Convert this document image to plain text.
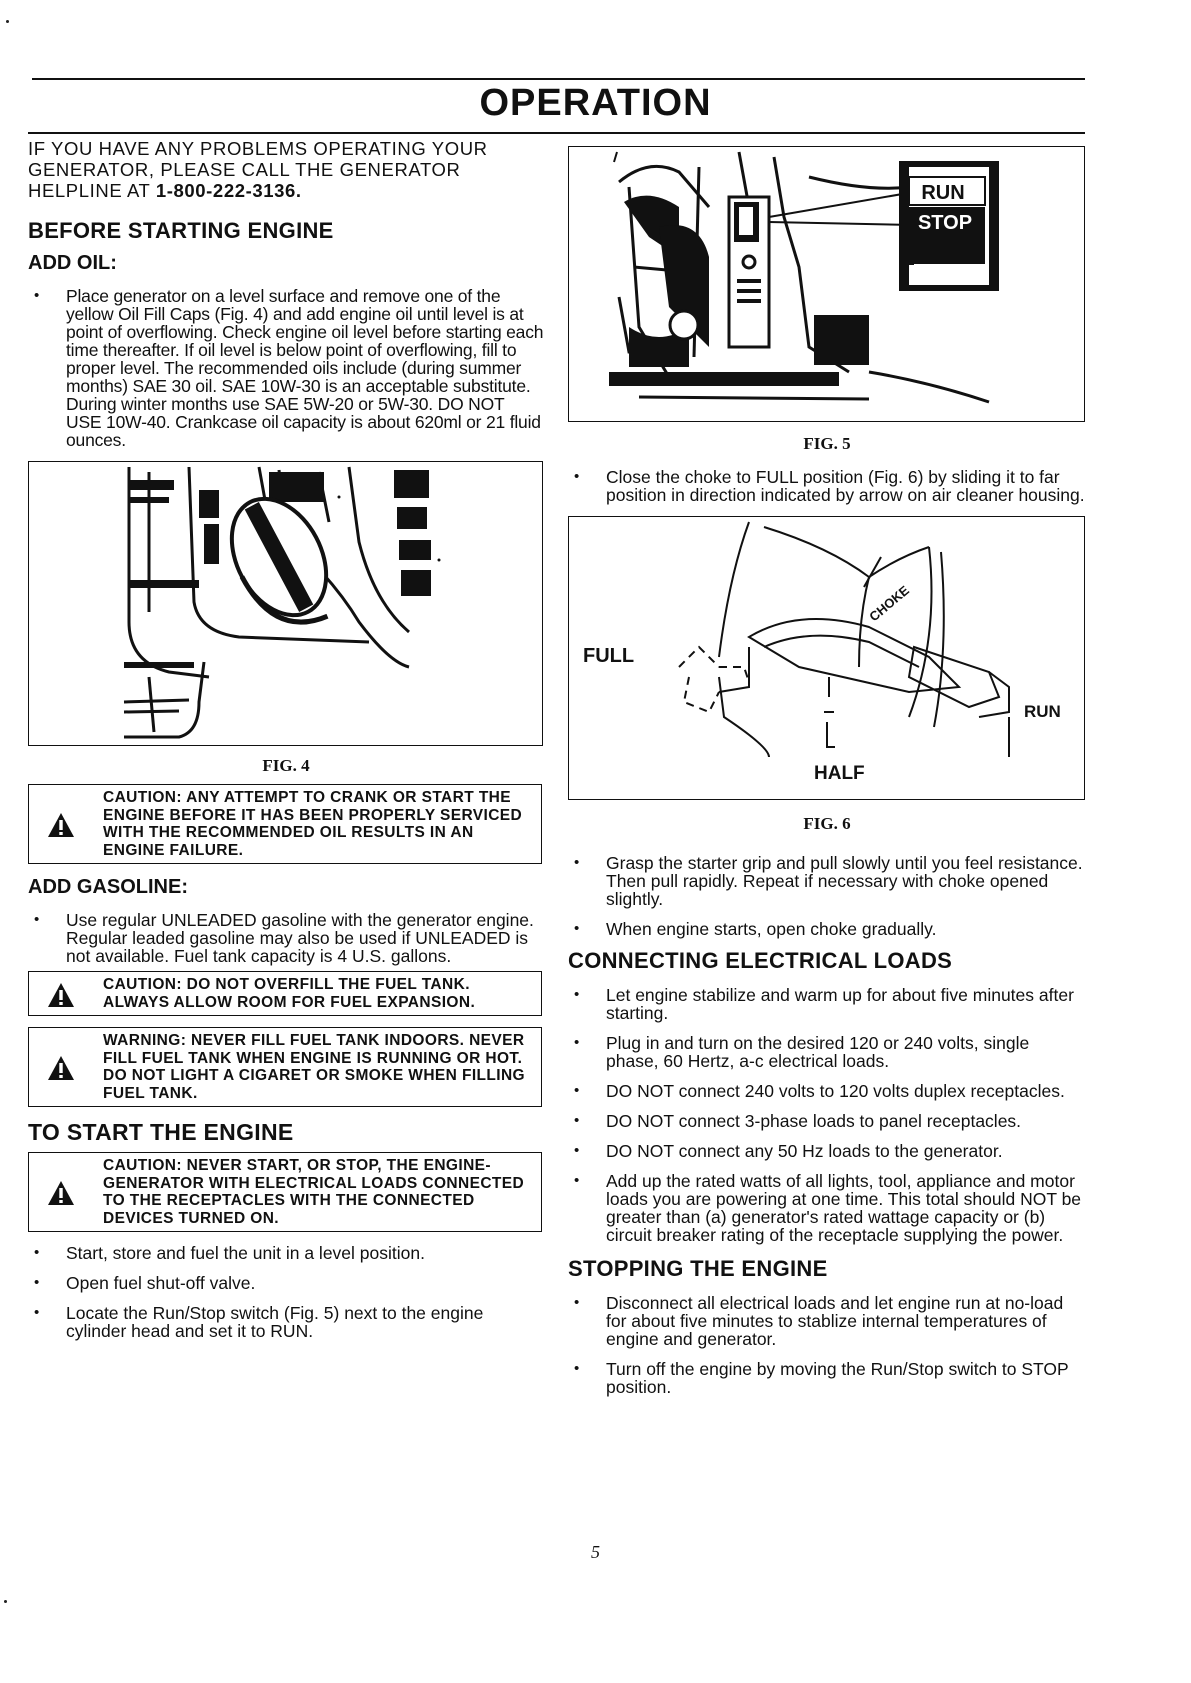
OPERATION

IF YOU HAVE ANY PROBLEMS OPERATING YOUR GENERATOR, PLEASE CALL THE GENERATOR HELPLINE AT 1-800-222-3136.

BEFORE STARTING ENGINE
ADD OIL:
• Place generator on a level surface and remove one of the yellow Oil Fill Caps (Fig. 4) and add engine oil until level is at point of overflowing. Check engine oil level before starting each time thereafter. If oil level is below point of overflowing, fill to proper level. The recommended oils include (during summer months) SAE 30 oil. SAE 10W-30 is an acceptable substitute. During winter months use SAE 5W-20 or 5W-30. DO NOT USE 10W-40. Crankcase oil capacity is about 620ml or 21 fluid ounces.
FIG. 4
CAUTION: ANY ATTEMPT TO CRANK OR START THE ENGINE BEFORE IT HAS BEEN PROPERLY SERVICED WITH THE RECOMMENDED OIL RESULTS IN AN ENGINE FAILURE.
ADD GASOLINE:
• Use regular UNLEADED gasoline with the generator engine. Regular leaded gasoline may also be used if UNLEADED is not available. Fuel tank capacity is 4 U.S. gallons.
CAUTION: DO NOT OVERFILL THE FUEL TANK. ALWAYS ALLOW ROOM FOR FUEL EXPANSION.
WARNING: NEVER FILL FUEL TANK INDOORS. NEVER FILL FUEL TANK WHEN ENGINE IS RUNNING OR HOT. DO NOT LIGHT A CIGARET OR SMOKE WHEN FILLING FUEL TANK.
TO START THE ENGINE
CAUTION: NEVER START, OR STOP, THE ENGINE-GENERATOR WITH ELECTRICAL LOADS CONNECTED TO THE RECEPTACLES WITH THE CONNECTED DEVICES TURNED ON.
• Start, store and fuel the unit in a level position.
• Open fuel shut-off valve.
• Locate the Run/Stop switch (Fig. 5) next to the engine cylinder head and set it to RUN.
RUN
STOP
FIG. 5
• Close the choke to FULL position (Fig. 6) by sliding it to far position in direction indicated by arrow on air cleaner housing.
FULL
RUN
HALF
CHOKE
FIG. 6
• Grasp the starter grip and pull slowly until you feel resistance. Then pull rapidly. Repeat if necessary with choke opened slightly.
• When engine starts, open choke gradually.
CONNECTING ELECTRICAL LOADS
• Let engine stabilize and warm up for about five minutes after starting.
• Plug in and turn on the desired 120 or 240 volts, single phase, 60 Hertz, a-c electrical loads.
• DO NOT connect 240 volts to 120 volts duplex receptacles.
• DO NOT connect 3-phase loads to panel receptacles.
• DO NOT connect any 50 Hz loads to the generator.
• Add up the rated watts of all lights, tool, appliance and motor loads you are powering at one time. This total should NOT be greater than (a) generator's rated wattage capacity or (b) circuit breaker rating of the receptacle supplying the power.
STOPPING THE ENGINE
• Disconnect all electrical loads and let engine run at no-load for about five minutes to stablize internal temperatures of engine and generator.
• Turn off the engine by moving the Run/Stop switch to STOP position.
5
